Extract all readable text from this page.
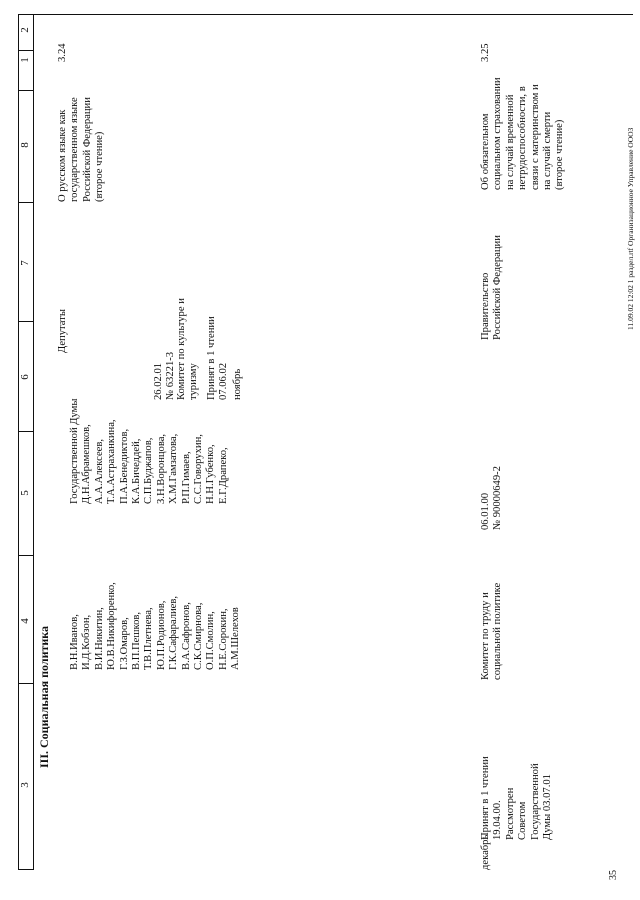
3
4
5
6
7
8
1
2
III. Социальная политика
3.24
О русском языке как государственном языке Российской Федерации (второе чтение)
Депутаты
Государственной Думы Д.Н.Абрамешков, А.А.Алексеев, Т.А.Астраханкина, П.А.Бенедиктов, К.А.Бичеддей, С.П.Буджапов, З.Н.Воронцова, Х.М.Гамзатова, Р.П.Гимаев, С.С.Говорухин, Н.Н.Губенко, Е.Г.Драпеко,
В.Н.Иванов, И.Д.Кобзон, В.И.Никитин, Ю.В.Никифоренко, Г.З.Омаров, В.П.Пешков, Т.В.Плетнева, Ю.П.Родионов, Г.К.Сафаралиев, В.А.Сафронов, С.К.Смирнова, О.П.Смолин, Н.Е.Сорокин, А.М.Шелехов
26.02.01 № 63221-3 Комитет по культуре и туризму Принят в 1 чтении 07.06.02 ноябрь
3.25
Об обязательном социальном страховании на случай временной нетрудоспособности, в связи с материнством и на случай смерти (второе чтение)
Правительство Российской Федерации
06.01.00 № 90000649-2
Комитет по труду и социальной политике
Принят в 1 чтении 19.04.00. Рассмотрен Советом Государственной Думы 03.07.01
декабрь
35
11.09.02 12:02 1 раздел.rtf Организационное Управление ООО3
